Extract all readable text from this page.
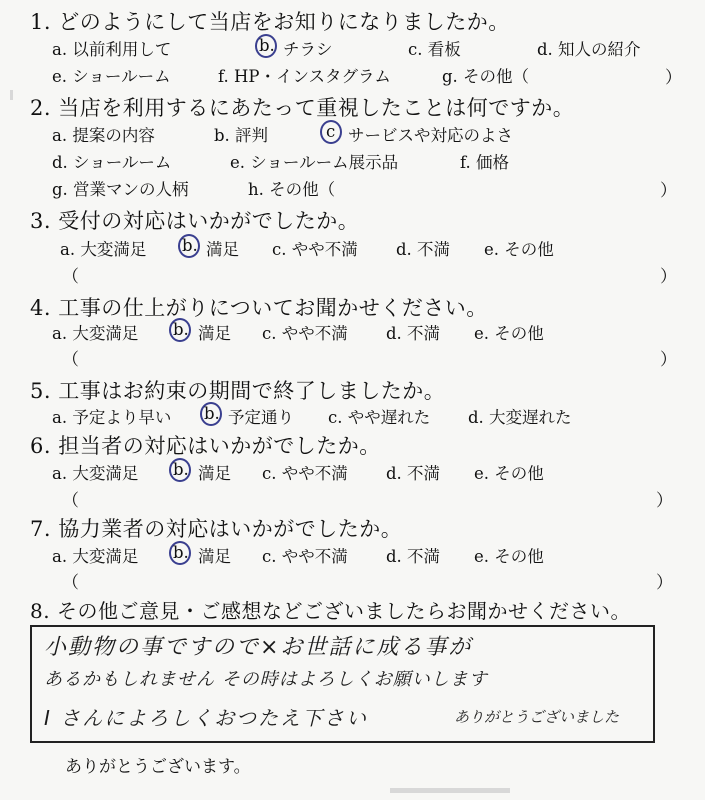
1. どのようにして当店をお知りになりましたか。
a. 以前利用して	b. チラシ	c. 看板	d. 知人の紹介
e. ショールーム	f. HP・インスタグラム	g. その他（	）
2. 当店を利用するにあたって重視したことは何ですか。
a. 提案の内容	b. 評判	c サービスや対応のよさ
d. ショールーム	e. ショールーム展示品	f. 価格
g. 営業マンの人柄	h. その他（	）
3. 受付の対応はいかがでしたか。
a. 大変満足 b. 満足 c. やや不満 d. 不満 e. その他
（	）
4. 工事の仕上がりについてお聞かせください。
a. 大変満足 b. 満足 c. やや不満 d. 不満 e. その他
（	）
5. 工事はお約束の期間で終了しましたか。
a. 予定より早い b. 予定通り c. やや遅れた d. 大変遅れた
6. 担当者の対応はいかがでしたか。
a. 大変満足 b. 満足 c. やや不満 d. 不満 e. その他
（	）
7. 協力業者の対応はいかがでしたか。
a. 大変満足 b. 満足 c. やや不満 d. 不満 e. その他
（	）
8. その他ご意見・ご感想などございましたらお聞かせください。
小動物の事ですので×お世話に成る事が
あるかもしれません その時はよろしくお願いします
I さんによろしくおつたえ下さい	ありがとうございました
ありがとうございます。
